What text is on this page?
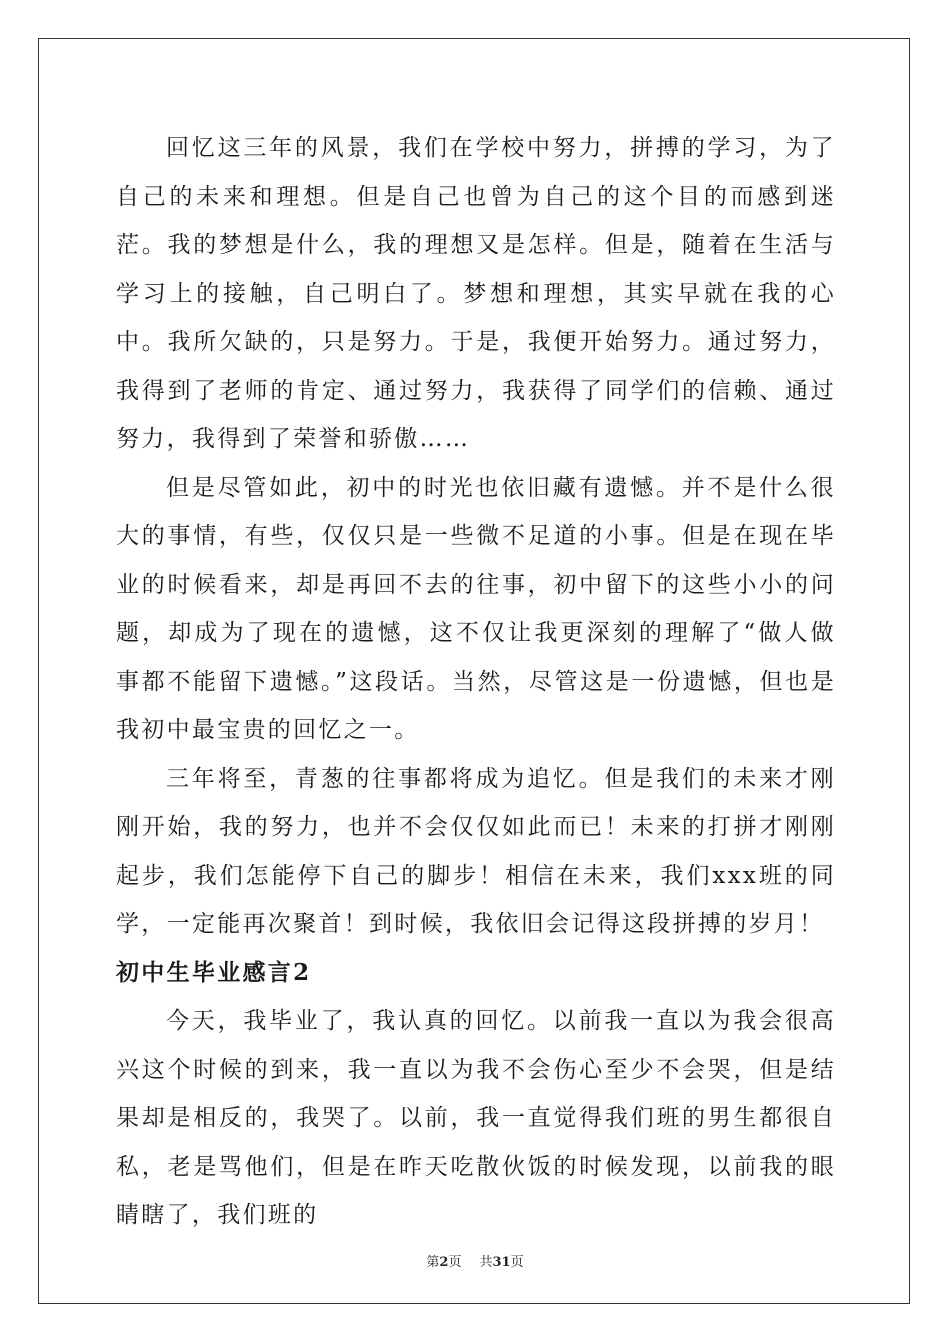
回忆这三年的风景，我们在学校中努力，拼搏的学习，为了自己的未来和理想。但是自己也曾为自己的这个目的而感到迷茫。我的梦想是什么，我的理想又是怎样。但是，随着在生活与学习上的接触，自己明白了。梦想和理想，其实早就在我的心中。我所欠缺的，只是努力。于是，我便开始努力。通过努力，我得到了老师的肯定、通过努力，我获得了同学们的信赖、通过努力，我得到了荣誉和骄傲……

但是尽管如此，初中的时光也依旧藏有遗憾。并不是什么很大的事情，有些，仅仅只是一些微不足道的小事。但是在现在毕业的时候看来，却是再回不去的往事，初中留下的这些小小的问题，却成为了现在的遗憾，这不仅让我更深刻的理解了“做人做事都不能留下遗憾。”这段话。当然，尽管这是一份遗憾，但也是我初中最宝贵的回忆之一。

三年将至，青葱的往事都将成为追忆。但是我们的未来才刚刚开始，我的努力，也并不会仅仅如此而已！未来的打拼才刚刚起步，我们怎能停下自己的脚步！相信在未来，我们xxx班的同学，一定能再次聚首！到时候，我依旧会记得这段拼搏的岁月！

初中生毕业感言2

今天，我毕业了，我认真的回忆。以前我一直以为我会很高兴这个时候的到来，我一直以为我不会伤心至少不会哭，但是结果却是相反的，我哭了。以前，我一直觉得我们班的男生都很自私，老是骂他们，但是在昨天吃散伙饭的时候发现，以前我的眼睛瞎了，我们班的

第2页 共31页
